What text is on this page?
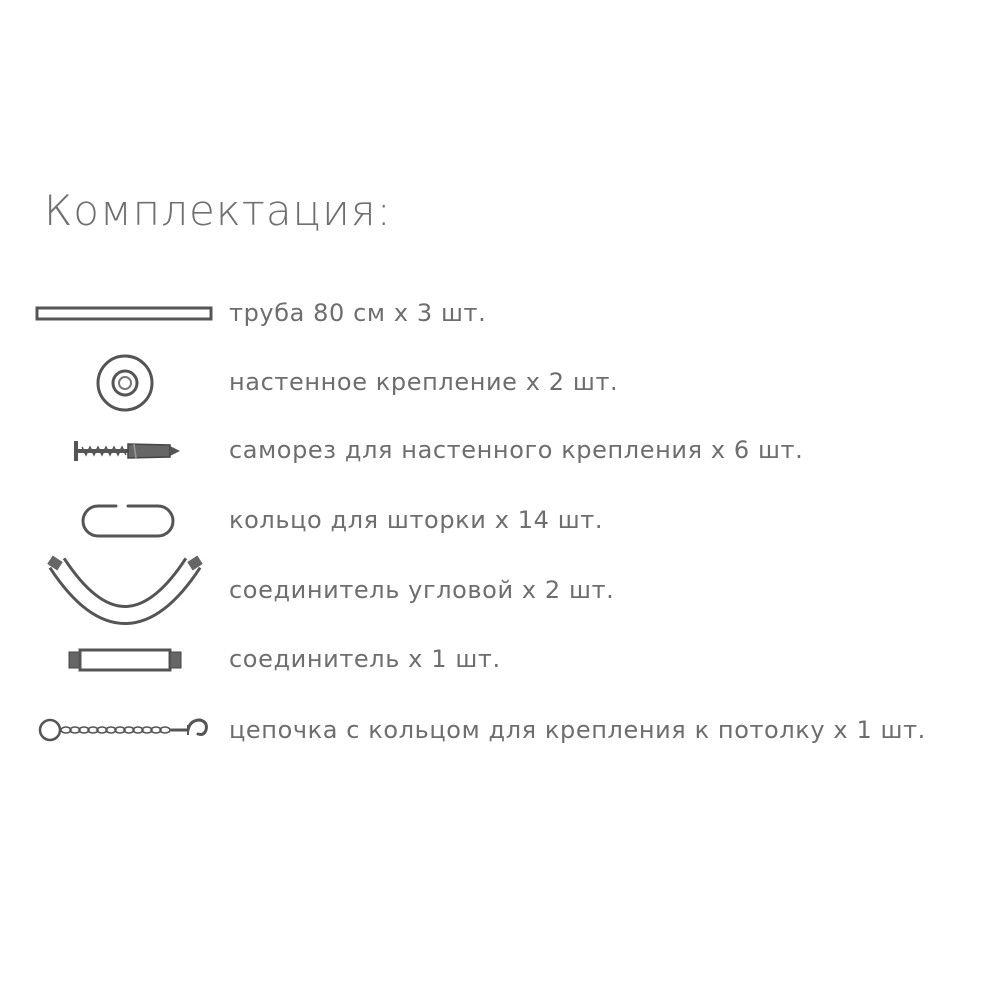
Комплектация:
труба 80 см х 3 шт.
настенное крепление х 2 шт.
саморез для настенного крепления х 6 шт.
кольцо для шторки х 14 шт.
соединитель угловой х 2 шт.
соединитель х 1 шт.
цепочка с кольцом для крепления к потолку х 1 шт.
